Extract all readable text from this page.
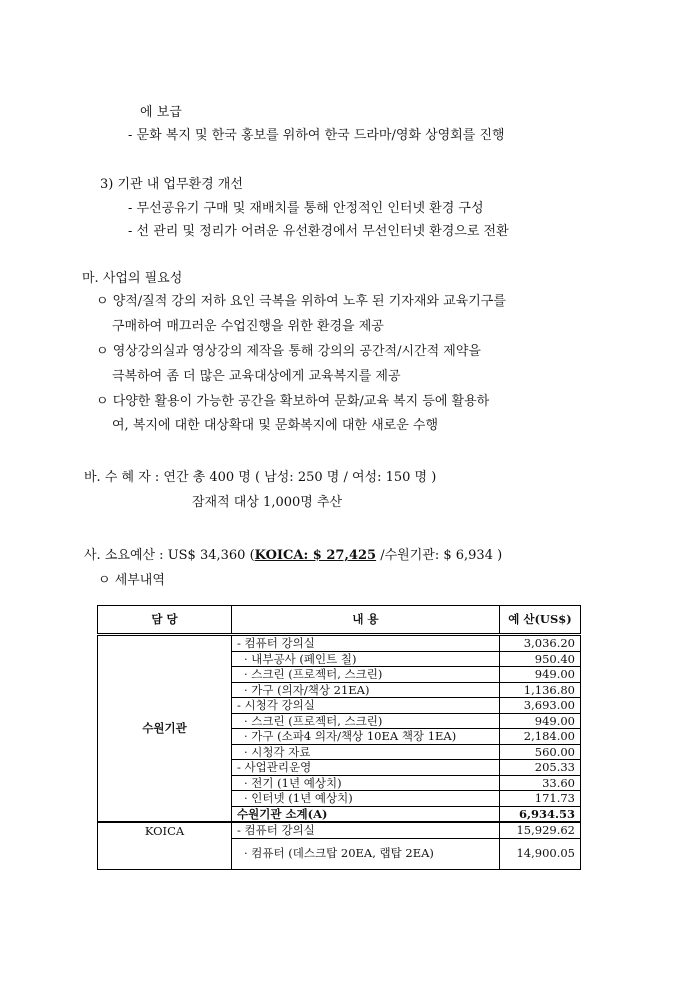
에 보급
- 문화 복지 및 한국 홍보를 위하여 한국 드라마/영화 상영회를 진행
3) 기관 내 업무환경 개선
- 무선공유기 구매 및 재배치를 통해 안정적인 인터넷 환경 구성
- 선 관리 및 정리가 어려운 유선환경에서 무선인터넷 환경으로 전환
마. 사업의 필요성
ㅇ 양적/질적 강의 저하 요인 극복을 위하여 노후 된 기자재와 교육기구를
구매하여 매끄러운 수업진행을 위한 환경을 제공
ㅇ 영상강의실과 영상강의 제작을 통해 강의의 공간적/시간적 제약을
극복하여 좀 더 많은 교육대상에게 교육복지를 제공
ㅇ 다양한 활용이 가능한 공간을 확보하여 문화/교육 복지 등에 활용하
여, 복지에 대한 대상확대 및 문화복지에 대한 새로운 수행
바. 수 혜 자 : 연간 총 400 명 ( 남성: 250 명 / 여성: 150 명 )
잠재적 대상 1,000명 추산
사. 소요예산 : US$ 34,360 (KOICA: $ 27,425 /수원기관: $ 6,934 )
ㅇ 세부내역
담 당	내 용	예 산(US$)
수원기관	- 컴퓨터 강의실	3,036.20
	· 내부공사 (페인트 칠)	950.40
	· 스크린 (프로젝터, 스크린)	949.00
	· 가구 (의자/책상 21EA)	1,136.80
	- 시청각 강의실	3,693.00
	· 스크린 (프로젝터, 스크린)	949.00
	· 가구 (소파4 의자/책상 10EA 책장 1EA)	2,184.00
	· 시청각 자료	560.00
	- 사업관리운영	205.33
	· 전기 (1년 예상치)	33.60
	· 인터넷 (1년 예상치)	171.73
	수원기관 소계(A)	6,934.53
KOICA	- 컴퓨터 강의실	15,929.62
	· 컴퓨터 (데스크탑 20EA, 랩탑 2EA)	14,900.05
